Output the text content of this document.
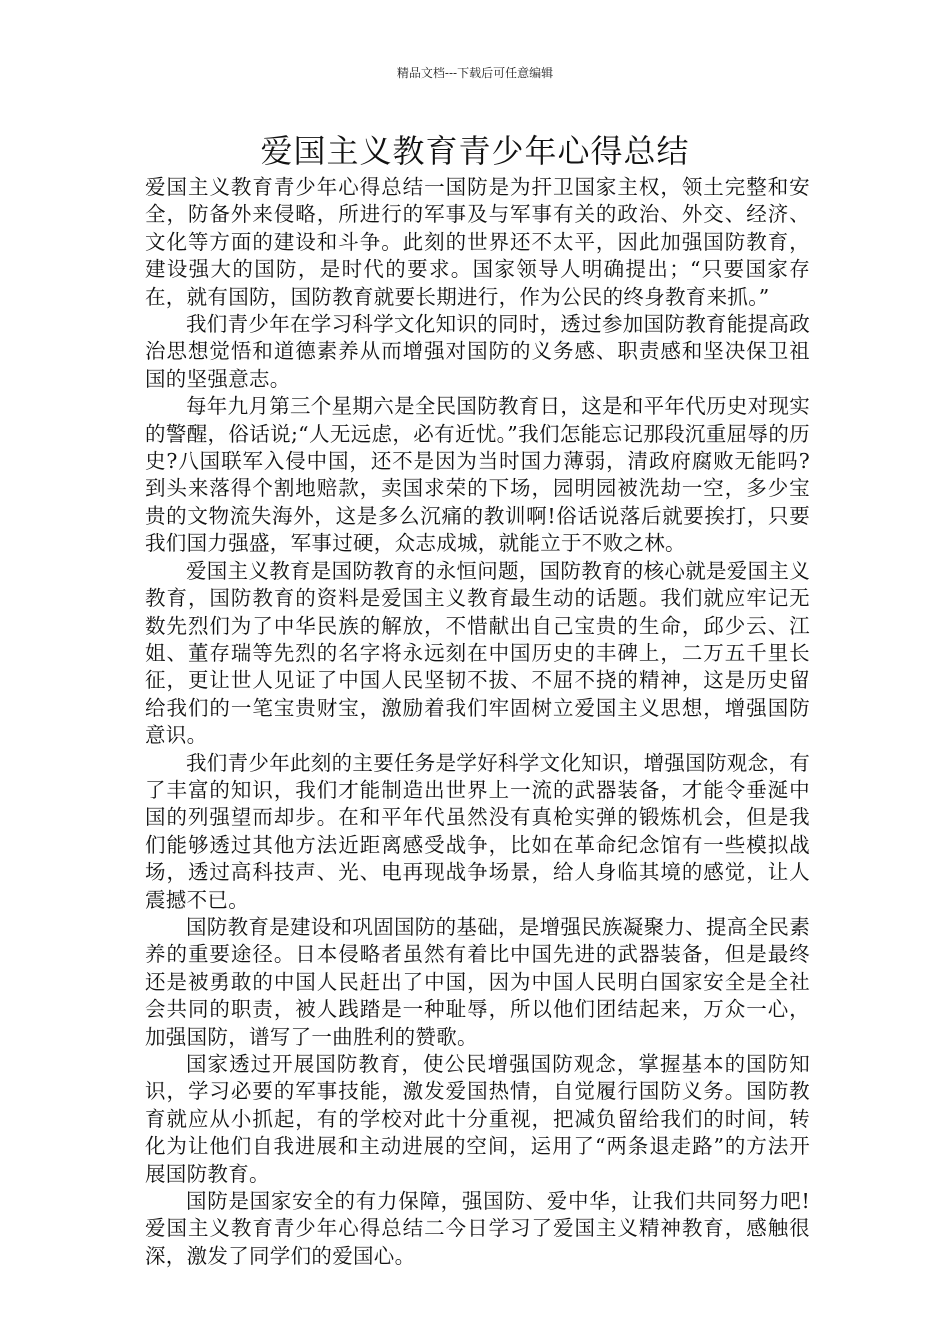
精品文档---下载后可任意编辑
爱国主义教育青少年心得总结

爱国主义教育青少年心得总结一国防是为扞卫国家主权，领土完整和安全，防备外来侵略，所进行的军事及与军事有关的政治、外交、经济、文化等方面的建设和斗争。此刻的世界还不太平，因此加强国防教育，建设强大的国防，是时代的要求。国家领导人明确提出；“只要国家存在，就有国防，国防教育就要长期进行，作为公民的终身教育来抓。”

我们青少年在学习科学文化知识的同时，透过参加国防教育能提高政治思想觉悟和道德素养从而增强对国防的义务感、职责感和坚决保卫祖国的坚强意志。

每年九月第三个星期六是全民国防教育日，这是和平年代历史对现实的警醒，俗话说;“人无远虑，必有近忧。”我们怎能忘记那段沉重屈辱的历史?八国联军入侵中国，还不是因为当时国力薄弱，清政府腐败无能吗?到头来落得个割地赔款，卖国求荣的下场，园明园被洗劫一空，多少宝贵的文物流失海外，这是多么沉痛的教训啊!俗话说落后就要挨打，只要我们国力强盛，军事过硬，众志成城，就能立于不败之林。

爱国主义教育是国防教育的永恒问题，国防教育的核心就是爱国主义教育，国防教育的资料是爱国主义教育最生动的话题。我们就应牢记无数先烈们为了中华民族的解放，不惜献出自己宝贵的生命，邱少云、江姐、董存瑞等先烈的名字将永远刻在中国历史的丰碑上，二万五千里长征，更让世人见证了中国人民坚韧不拔、不屈不挠的精神，这是历史留给我们的一笔宝贵财宝，激励着我们牢固树立爱国主义思想，增强国防意识。

我们青少年此刻的主要任务是学好科学文化知识，增强国防观念，有了丰富的知识，我们才能制造出世界上一流的武器装备，才能令垂涎中国的列强望而却步。在和平年代虽然没有真枪实弹的锻炼机会，但是我们能够透过其他方法近距离感受战争，比如在革命纪念馆有一些模拟战场，透过高科技声、光、电再现战争场景，给人身临其境的感觉，让人震撼不已。

国防教育是建设和巩固国防的基础，是增强民族凝聚力、提高全民素养的重要途径。日本侵略者虽然有着比中国先进的武器装备，但是最终还是被勇敢的中国人民赶出了中国，因为中国人民明白国家安全是全社会共同的职责，被人践踏是一种耻辱，所以他们团结起来，万众一心，加强国防，谱写了一曲胜利的赞歌。

国家透过开展国防教育，使公民增强国防观念，掌握基本的国防知识，学习必要的军事技能，激发爱国热情，自觉履行国防义务。国防教育就应从小抓起，有的学校对此十分重视，把减负留给我们的时间，转化为让他们自我进展和主动进展的空间，运用了“两条退走路”的方法开展国防教育。

国防是国家安全的有力保障，强国防、爱中华，让我们共同努力吧!爱国主义教育青少年心得总结二今日学习了爱国主义精神教育，感触很深，激发了同学们的爱国心。
